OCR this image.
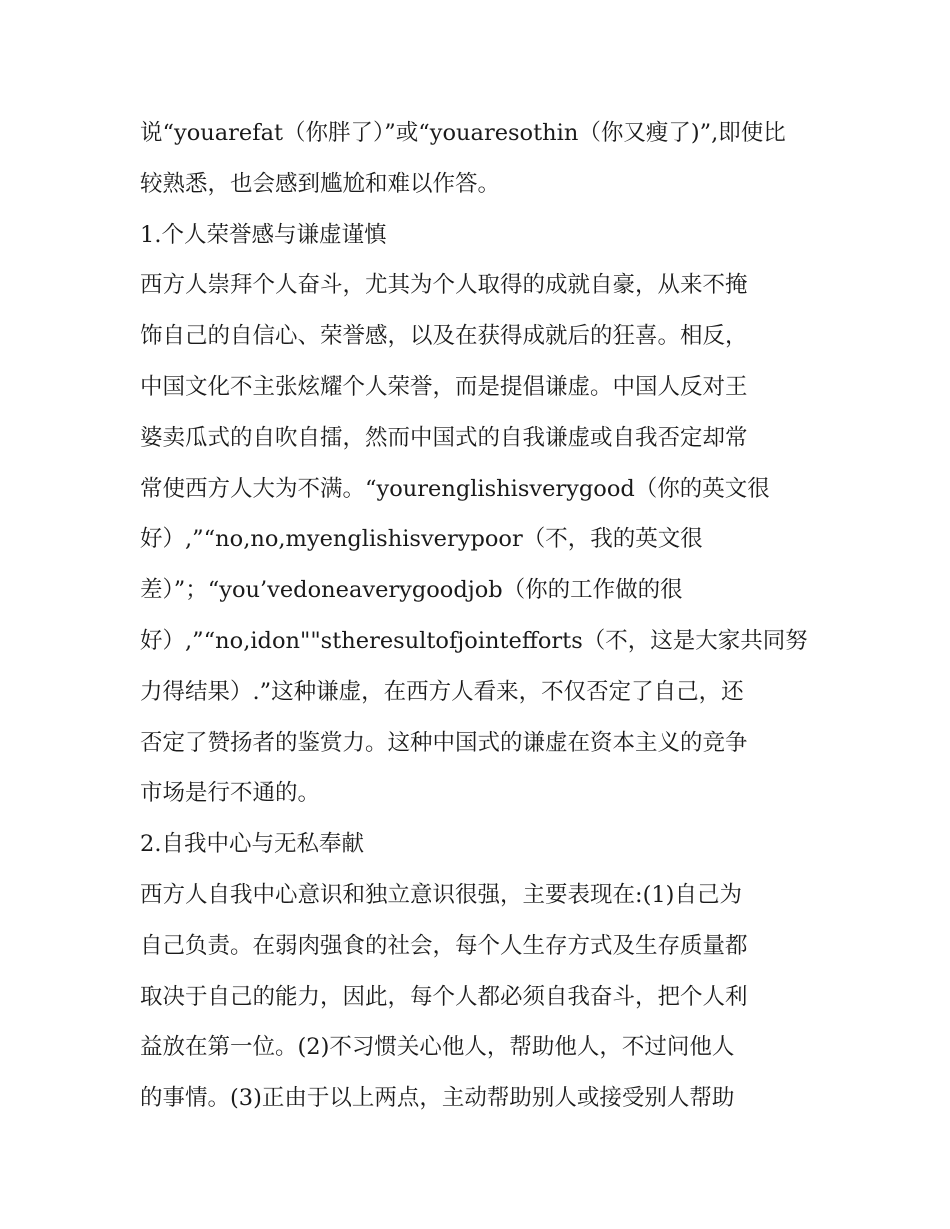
说“youarefat（你胖了）”或“youaresothin（你又瘦了)”,即使比
较熟悉，也会感到尴尬和难以作答。
1.个人荣誉感与谦虚谨慎
西方人崇拜个人奋斗，尤其为个人取得的成就自豪，从来不掩
饰自己的自信心、荣誉感，以及在获得成就后的狂喜。相反，
中国文化不主张炫耀个人荣誉，而是提倡谦虚。中国人反对王
婆卖瓜式的自吹自擂，然而中国式的自我谦虚或自我否定却常
常使西方人大为不满。“yourenglishisverygood（你的英文很
好）,”“no,no,myenglishisverypoor（不，我的英文很
差）”；“you’vedoneaverygoodjob（你的工作做的很
好）,”“no,idon""stheresultofjointefforts（不，这是大家共同努
力得结果）.”这种谦虚，在西方人看来，不仅否定了自己，还
否定了赞扬者的鉴赏力。这种中国式的谦虚在资本主义的竞争
市场是行不通的。
2.自我中心与无私奉献
西方人自我中心意识和独立意识很强，主要表现在:(1)自己为
自己负责。在弱肉强食的社会，每个人生存方式及生存质量都
取决于自己的能力，因此，每个人都必须自我奋斗，把个人利
益放在第一位。(2)不习惯关心他人，帮助他人，不过问他人
的事情。(3)正由于以上两点，主动帮助别人或接受别人帮助
